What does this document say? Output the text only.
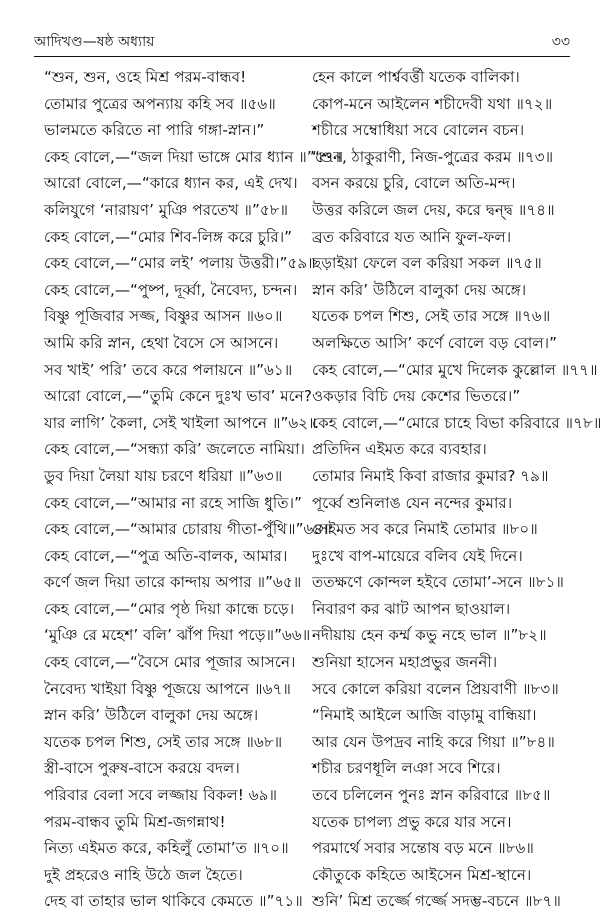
আদিখণ্ড—ষষ্ঠ অধ্যায়	৩৩
“শুন, শুন, ওহে মিশ্র পরম-বান্ধব!
তোমার পুত্রের অপন্যায় কহি সব ॥৫৬॥
ভালমতে করিতে না পারি গঙ্গা-স্নান।”
কেহ বোলে,—“জল দিয়া ভাঙ্গে মোর ধ্যান ॥”৫৭॥
আরো বোলে,—“কারে ধ্যান কর, এই দেখ।
কলিযুগে ‘নারায়ণ’ মুঞি পরতেখ ॥”৫৮॥
কেহ বোলে,—“মোর শিব-লিঙ্গ করে চুরি।”
কেহ বোলে,—“মোর লই’ পলায় উত্তরী।”৫৯॥
কেহ বোলে,—“পুষ্প, দূর্ব্বা, নৈবেদ্য, চন্দন।
বিষ্ণু পূজিবার সজ্জ, বিষ্ণুর আসন ॥৬০॥
আমি করি স্নান, হেথা বৈসে সে আসনে।
সব খাই’ পরি’ তবে করে পলায়নে ॥”৬১॥
আরো বোলে,—“তুমি কেনে দুঃখ ভাব’ মনে?
যার লাগি’ কৈলা, সেই খাইলা আপনে ॥”৬২॥
কেহ বোলে,—“সন্ধ্যা করি’ জলেতে নামিয়া।
ডুব দিয়া লৈয়া যায় চরণে ধরিয়া ॥”৬৩॥
কেহ বোলে,—“আমার না রহে সাজি ধুতি।”
কেহ বোলে,—“আমার চোরায় গীতা-পুঁথি॥”৬৪॥
কেহ বোলে,—“পুত্র অতি-বালক, আমার।
কর্ণে জল দিয়া তারে কান্দায় অপার ॥”৬৫॥
কেহ বোলে,—“মোর পৃষ্ঠ দিয়া কান্ধে চড়ে।
‘মুঞি রে মহেশ’ বলি’ ঝাঁপ দিয়া পড়ে॥”৬৬॥
কেহ বোলে,—“বৈসে মোর পূজার আসনে।
নৈবেদ্য খাইয়া বিষ্ণু পূজয়ে আপনে ॥৬৭॥
স্নান করি’ উঠিলে বালুকা দেয় অঙ্গে।
যতেক চপল শিশু, সেই তার সঙ্গে ॥৬৮॥
স্ত্রী-বাসে পুরুষ-বাসে করয়ে বদল।
পরিবার বেলা সবে লজ্জায় বিকল! ৬৯॥
পরম-বান্ধব তুমি মিশ্র-জগন্নাথ!
নিত্য এইমত করে, কহিলুঁ তোমা’ত ॥৭০॥
দুই প্রহরেও নাহি উঠে জল হৈতে।
দেহ বা তাহার ভাল থাকিবে কেমতে ॥”৭১॥
হেন কালে পার্শ্ববর্ত্তী যতেক বালিকা।
কোপ-মনে আইলেন শচীদেবী যথা ॥৭২॥
শচীরে সম্বোধিয়া সবে বোলেন বচন।
“শুন, ঠাকুরাণী, নিজ-পুত্রের করম ॥৭৩॥
বসন করয়ে চুরি, বোলে অতি-মন্দ।
উত্তর করিলে জল দেয়, করে দ্বন্দ্ব ॥৭৪॥
ব্রত করিবারে যত আনি ফুল-ফল।
ছড়াইয়া ফেলে বল করিয়া সকল ॥৭৫॥
স্নান করি’ উঠিলে বালুকা দেয় অঙ্গে।
যতেক চপল শিশু, সেই তার সঙ্গে ॥৭৬॥
অলক্ষিতে আসি’ কর্ণে বোলে বড় বোল।”
কেহ বোলে,—“মোর মুখে দিলেক কুল্লোল ॥৭৭॥
ওকড়ার বিচি দেয় কেশের ভিতরে।”
কেহ বোলে,—“মোরে চাহে বিভা করিবারে ॥৭৮॥
প্রতিদিন এইমত করে ব্যবহার।
তোমার নিমাই কিবা রাজার কুমার? ৭৯॥
পূর্ব্বে শুনিলাঙ যেন নন্দের কুমার।
সেইমত সব করে নিমাই তোমার ॥৮০॥
দুঃখে বাপ-মায়েরে বলিব যেই দিনে।
ততক্ষণে কোন্দল হইবে তোমা’-সনে ॥৮১॥
নিবারণ কর ঝাট আপন ছাওয়াল।
নদীয়ায় হেন কর্ম্ম কভু নহে ভাল ॥”৮২॥
শুনিয়া হাসেন মহাপ্রভুর জননী।
সবে কোলে করিয়া বলেন প্রিয়বাণী ॥৮৩॥
“নিমাই আইলে আজি বাড়ামু বান্ধিয়া।
আর যেন উপদ্রব নাহি করে গিয়া ॥”৮৪॥
শচীর চরণধূলি লঞা সবে শিরে।
তবে চলিলেন পুনঃ স্নান করিবারে ॥৮৫॥
যতেক চাপল্য প্রভু করে যার সনে।
পরমার্থে সবার সন্তোষ বড় মনে ॥৮৬॥
কৌতুকে কহিতে আইসেন মিশ্র-স্থানে।
শুনি’ মিশ্র তর্জ্জে গর্জ্জে সদম্ভ-বচনে ॥৮৭॥
